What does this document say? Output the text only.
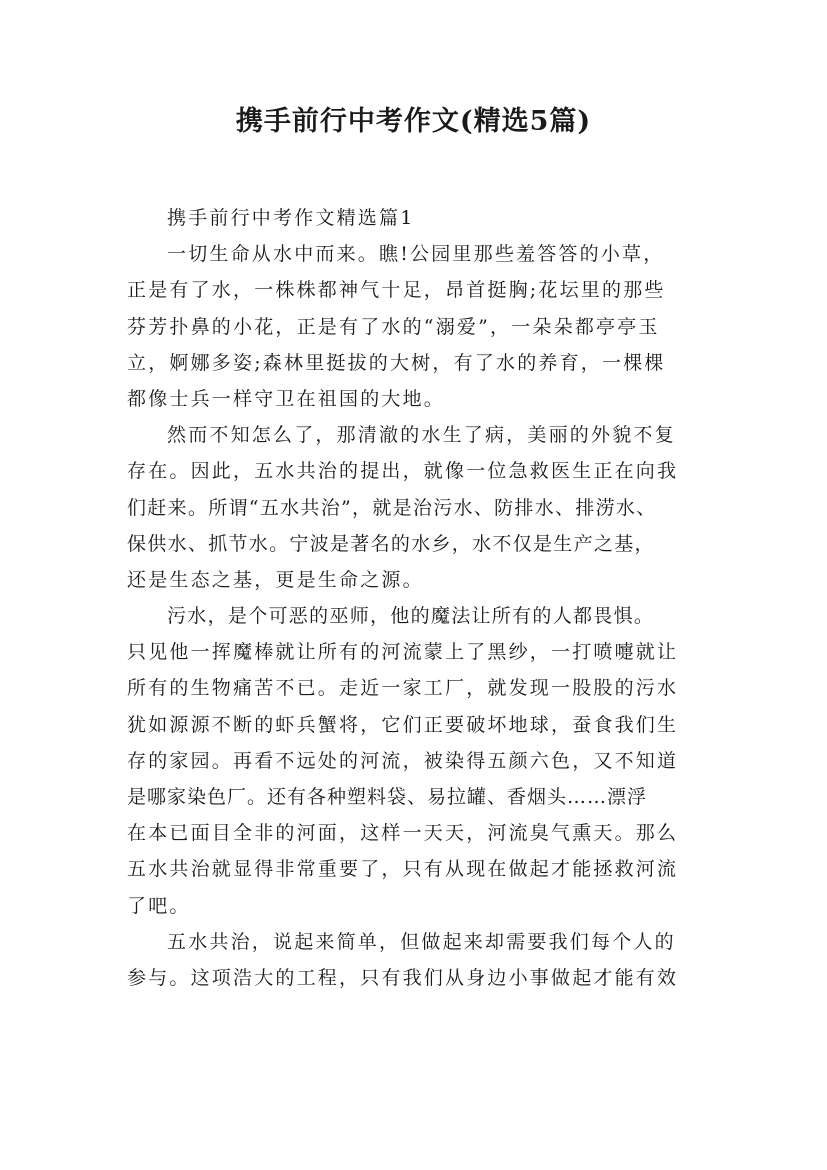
携手前行中考作文(精选5篇)
携手前行中考作文精选篇1
一切生命从水中而来。瞧!公园里那些羞答答的小草，
正是有了水，一株株都神气十足，昂首挺胸;花坛里的那些
芬芳扑鼻的小花，正是有了水的“溺爱”，一朵朵都亭亭玉
立，婀娜多姿;森林里挺拔的大树，有了水的养育，一棵棵
都像士兵一样守卫在祖国的大地。
然而不知怎么了，那清澈的水生了病，美丽的外貌不复
存在。因此，五水共治的提出，就像一位急救医生正在向我
们赶来。所谓“五水共治”，就是治污水、防排水、排涝水、
保供水、抓节水。宁波是著名的水乡，水不仅是生产之基，
还是生态之基，更是生命之源。
污水，是个可恶的巫师，他的魔法让所有的人都畏惧。
只见他一挥魔棒就让所有的河流蒙上了黑纱，一打喷嚏就让
所有的生物痛苦不已。走近一家工厂，就发现一股股的污水
犹如源源不断的虾兵蟹将，它们正要破坏地球，蚕食我们生
存的家园。再看不远处的河流，被染得五颜六色，又不知道
是哪家染色厂。还有各种塑料袋、易拉罐、香烟头……漂浮
在本已面目全非的河面，这样一天天，河流臭气熏天。那么
五水共治就显得非常重要了，只有从现在做起才能拯救河流
了吧。
五水共治，说起来简单，但做起来却需要我们每个人的
参与。这项浩大的工程，只有我们从身边小事做起才能有效
